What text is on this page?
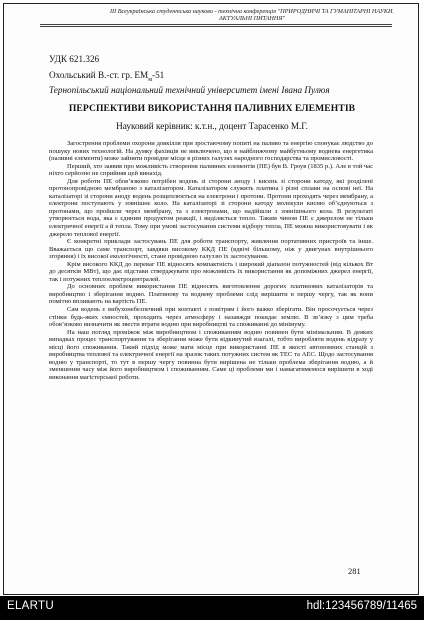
ІІІ Всеукраїнська студентська науково - технічна конференція "ПРИРОДНИЧІ ТА ГУМАНІТАРНІ НАУКИ.
АКТУАЛЬНІ ПИТАННЯ"
УДК 621.326
Охольський В.-ст. гр. $ЕМ_м-51$
Тернопільський національний технічний університет імені Івана Пулюя
ПЕРСПЕКТИВИ ВИКОРИСТАННЯ ПАЛИВНИХ ЕЛЕМЕНТІВ
Науковий керівник: к.т.н., доцент Тарасенко М.Г.

Загострення проблеми охорони довкілля при зростаючому попиті на паливо та енергію спонукає людство до пошуку нових технологій. На думку фахівців не виключено, що в найближчому майбутньому воднева енергетика (паливні елементи) може зайняти провідне місце в різних галузях народного господарства та промисловості.

Перший, хто заявив про можливість створення паливних елементів (ПЕ) був В. Гроув (1835 р.). Але в той час ніхто серйозно не сприйняв цей винахід.

Для роботи ПЕ обов’язково потрібен водень зі сторони аноду і кисень зі сторони катоду, які розділені протонопровідною мембраною з каталізатором. Каталізатором служить платина і різні сплави на основі неї. На каталізаторі зі сторони аноду водень розщеплюється на електрони і протони. Протони проходять через мембрану, а електрони поступають у зовнішнє коло. На каталізаторі зі сторони катоду молекули кисню об’єднуються з протонами, що пройшли через мембрану, та з електронами, що надійшли з зовнішнього кола. В результаті утворюється вода, яка є єдиним продуктом реакції, і виділяється тепло. Таким чином ПЕ є джерелом не тільки електричної енергії а й тепла. Тому при умові застосування системи відбору тепла, ПЕ можна використовувати і як джерело теплової енергії.

Є конкретні приклади застосувань ПЕ для роботи транспорту, живлення портативних пристроїв та інше. Вважається що саме транспорт, завдяки високому ККД ПЕ (вдвічі більшому, ніж у двигунах внутрішнього згоряння) і їх високої екологічності, стане провідною галуззю їх застосування.

Крім високого ККД до переваг ПЕ відносять компактність і широкий діапазон потужностей (від кількох Вт до десятків МВт), що дає підстави стверджувати про можливість їх використання як допоміжних джерел енергії, так і потужних теплоелектроцентралей.

До основних проблем використання ПЕ відносять виготовлення дорогих платинових каталізаторів та виробництво і зберігання водню. Платинову та водневу проблеми слід вирішити в першу чергу, так як вони помітно впливають на вартість ПЕ.

Сам водень є вибухонебезпечний при контакті з повітрям і його важко зберігати. Він просочується через стінки будь-яких ємностей, проходить через атмосферу і назавжди покидає землю. В зв’язку з цим треба обов’язково визначити як звести втрати водню при виробництві та споживанні до мінімуму.

На наш погляд проміжок між виробництвом і споживанням водню повинен бути мінімальним. В деяких випадках процес транспортування та зберігання може бути відкинутий взагалі, тобто виробляти водень відразу у місці його споживання. Такий підхід може мати місце при використанні ПЕ в якості автономних станцій з виробництва теплової та електричної енергії на зразок таких потужних систем як ТЕС та АЕС. Щодо застосування водню у транспорті, то тут в першу чергу повинна бути вирішена не тільки проблема зберігання водню, а й зменшення часу між його виробництвом і споживанням. Саме ці проблеми ми і намагатимемося вирішити в ході виконання магістерської роботи.

281
ELARTU	hdl:123456789/11465
